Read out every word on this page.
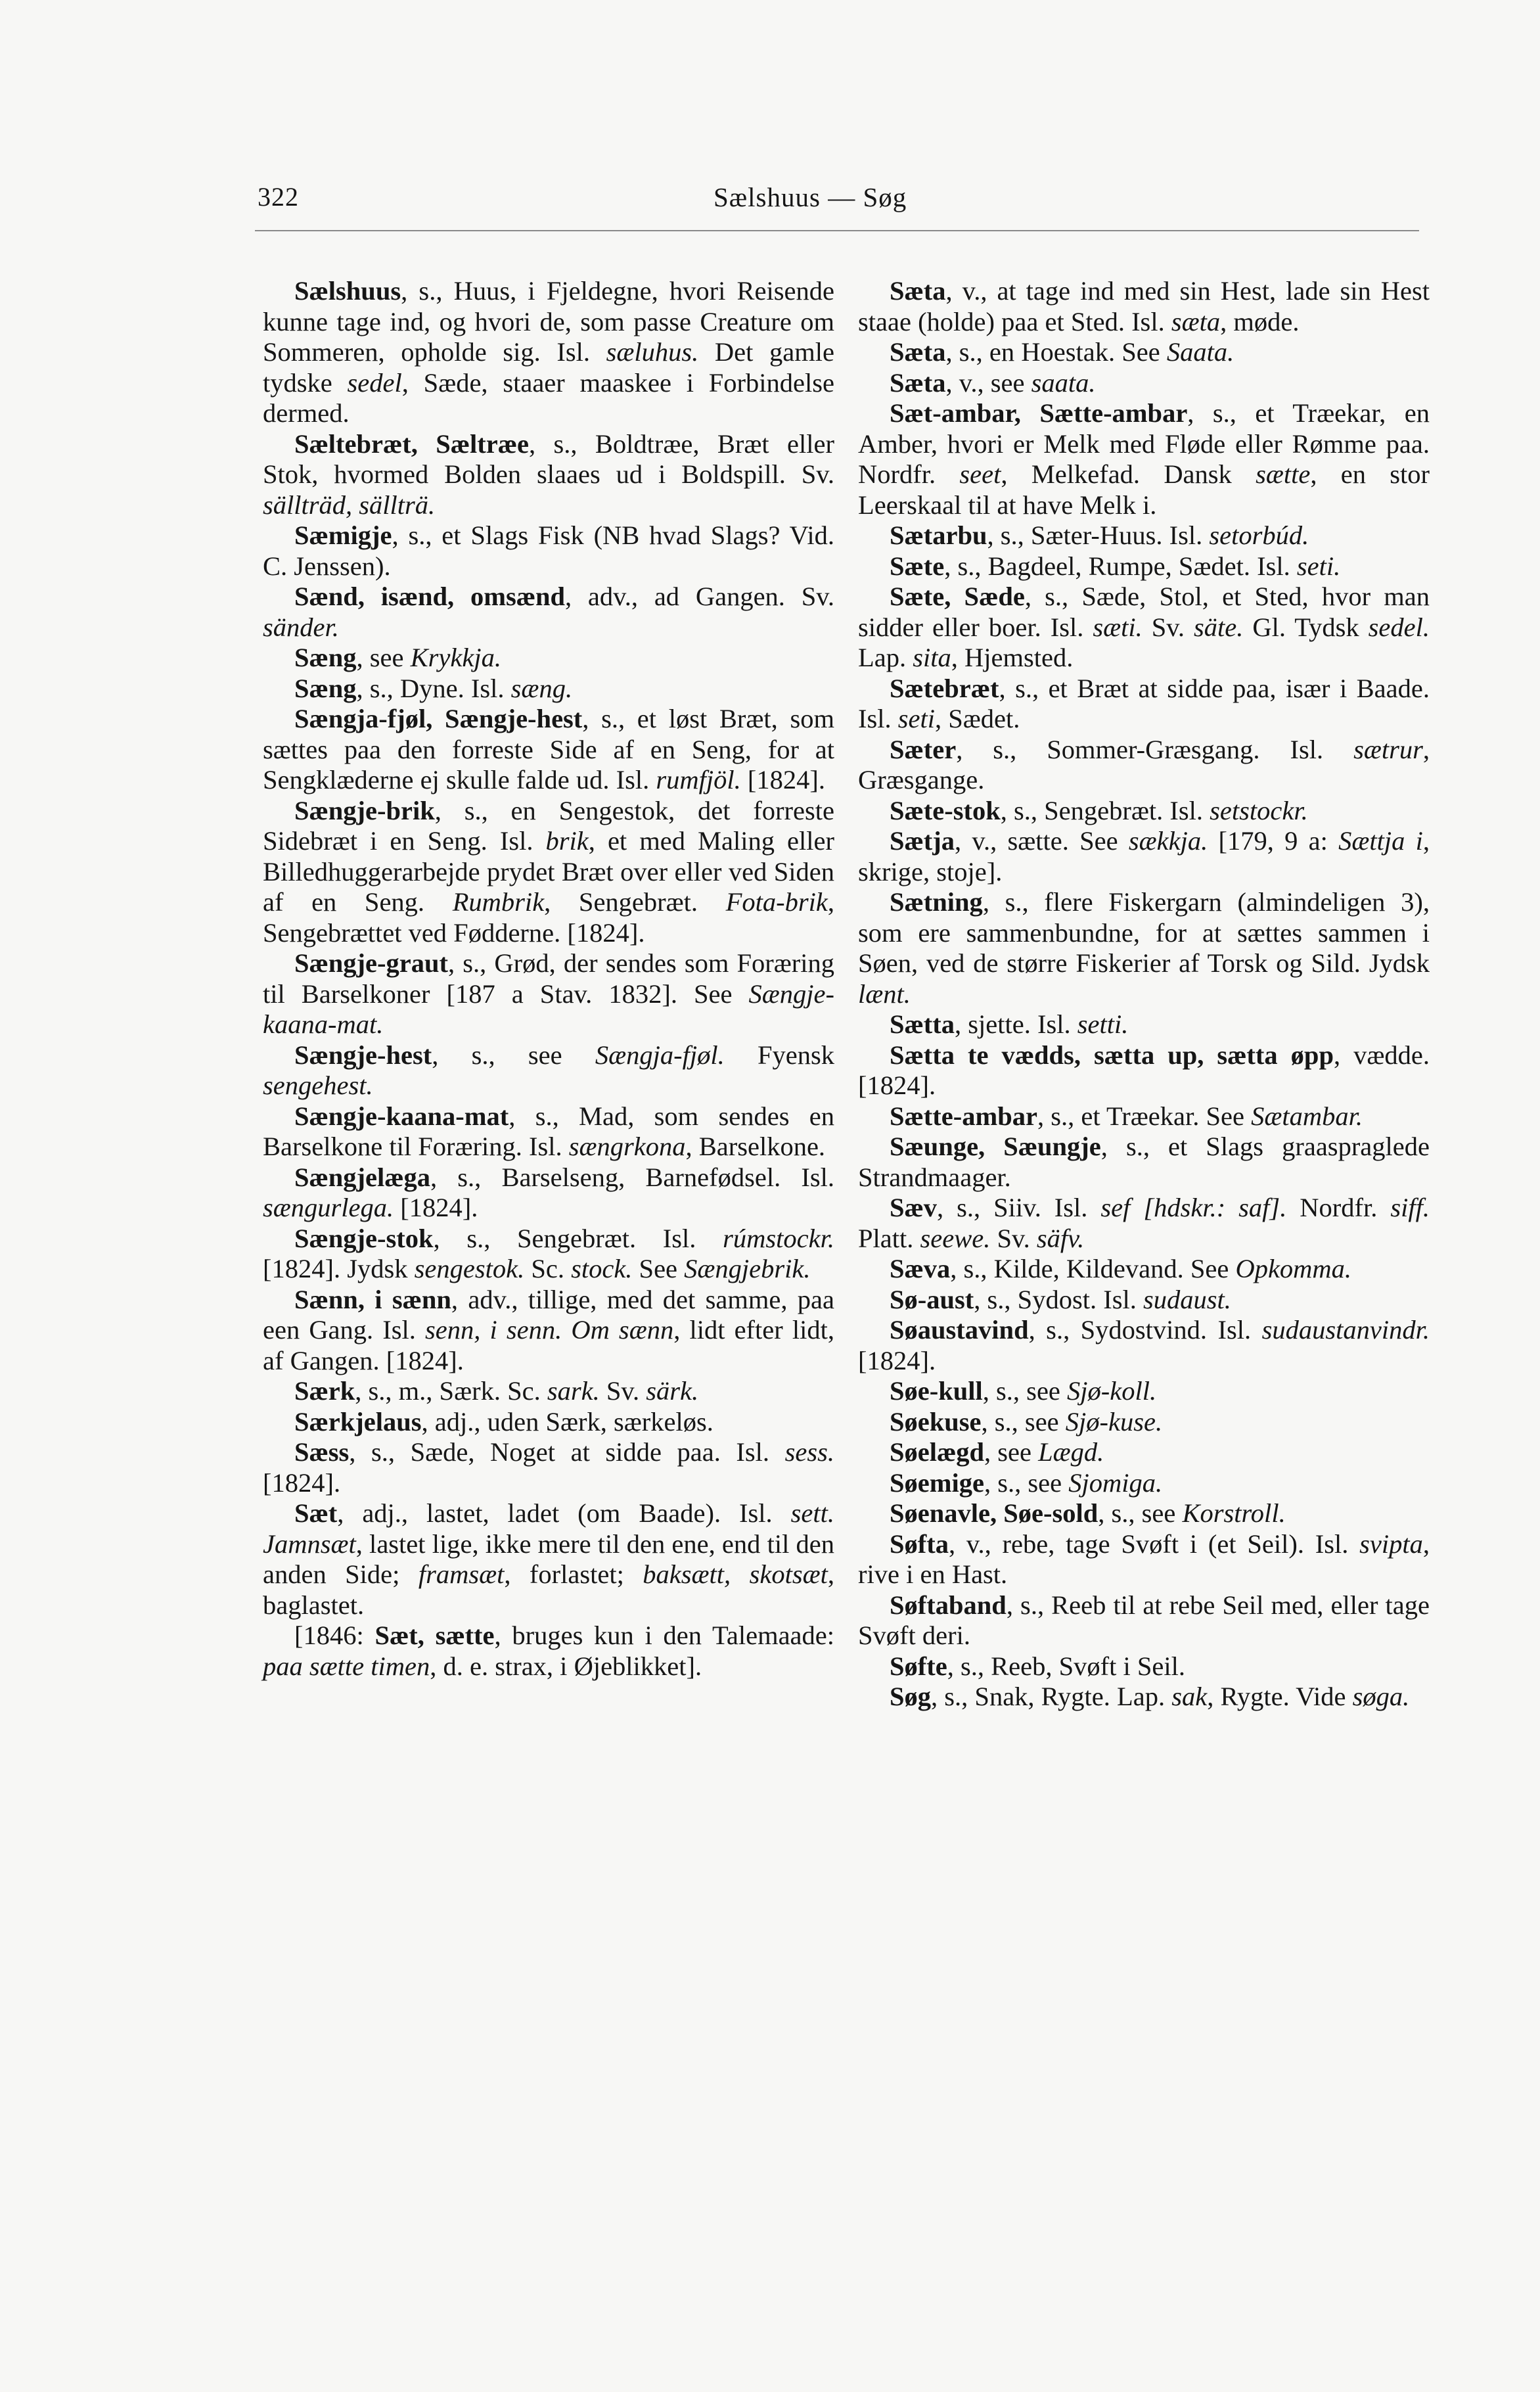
322	Sælshuus — Søg

Sælshuus, s., Huus, i Fjeldegne, hvori Reisende kunne tage ind, og hvori de, som passe Creature om Sommeren, opholde sig. Isl. sæluhus. Det gamle tydske sedel, Sæde, staaer maaskee i Forbindelse dermed.

Sæltebræt, Sæltræe, s., Boldtræe, Bræt eller Stok, hvormed Bolden slaaes ud i Boldspill. Sv. sällträd, sällträ.

Sæmigje, s., et Slags Fisk (NB hvad Slags? Vid. C. Jenssen).

Sænd, isænd, omsænd, adv., ad Gangen. Sv. sänder.

Sæng, see Krykkja.

Sæng, s., Dyne. Isl. sæng.

Sængja-fjøl, Sængje-hest, s., et løst Bræt, som sættes paa den forreste Side af en Seng, for at Sengklæderne ej skulle falde ud. Isl. rumfjöl. [1824].

Sængje-brik, s., en Sengestok, det forreste Sidebræt i en Seng. Isl. brik, et med Maling eller Billedhuggerarbejde prydet Bræt over eller ved Siden af en Seng. Rumbrik, Sengebræt. Fota-brik, Sengebrættet ved Fødderne. [1824].

Sængje-graut, s., Grød, der sendes som Foræring til Barselkoner [187 a Stav. 1832]. See Sængje-kaana-mat.

Sængje-hest, s., see Sængja-fjøl. Fyensk sengehest.

Sængje-kaana-mat, s., Mad, som sendes en Barselkone til Foræring. Isl. sængrkona, Barselkone.

Sængjelæga, s., Barselseng, Barnefødsel. Isl. sængurlega. [1824].

Sængje-stok, s., Sengebræt. Isl. rúmstockr. [1824]. Jydsk sengestok. Sc. stock. See Sængjebrik.

Sænn, i sænn, adv., tillige, med det samme, paa een Gang. Isl. senn, i senn. Om sænn, lidt efter lidt, af Gangen. [1824].

Særk, s., m., Særk. Sc. sark. Sv. särk.

Særkjelaus, adj., uden Særk, særkeløs.

Sæss, s., Sæde, Noget at sidde paa. Isl. sess. [1824].

Sæt, adj., lastet, ladet (om Baade). Isl. sett. Jamnsæt, lastet lige, ikke mere til den ene, end til den anden Side; framsæt, forlastet; baksætt, skotsæt, baglastet.

[1846: Sæt, sætte, bruges kun i den Talemaade: paa sætte timen, d. e. strax, i Øjeblikket].

Sæta, v., at tage ind med sin Hest, lade sin Hest staae (holde) paa et Sted. Isl. sæta, møde.

Sæta, s., en Hoestak. See Saata.

Sæta, v., see saata.

Sæt-ambar, Sætte-ambar, s., et Træekar, en Amber, hvori er Melk med Fløde eller Rømme paa. Nordfr. seet, Melkefad. Dansk sætte, en stor Leerskaal til at have Melk i.

Sætarbu, s., Sæter-Huus. Isl. setorbúd.

Sæte, s., Bagdeel, Rumpe, Sædet. Isl. seti.

Sæte, Sæde, s., Sæde, Stol, et Sted, hvor man sidder eller boer. Isl. sæti. Sv. säte. Gl. Tydsk sedel. Lap. sita, Hjemsted.

Sætebræt, s., et Bræt at sidde paa, især i Baade. Isl. seti, Sædet.

Sæter, s., Sommer-Græsgang. Isl. sætrur, Græsgange.

Sæte-stok, s., Sengebræt. Isl. setstockr.

Sætja, v., sætte. See sækkja. [179, 9 a: Sættja i, skrige, stoje].

Sætning, s., flere Fiskergarn (almindeligen 3), som ere sammenbundne, for at sættes sammen i Søen, ved de større Fiskerier af Torsk og Sild. Jydsk lænt.

Sætta, sjette. Isl. setti.

Sætta te vædds, sætta up, sætta øpp, vædde. [1824].

Sætte-ambar, s., et Træekar. See Sætambar.

Sæunge, Sæungje, s., et Slags graaspraglede Strandmaager.

Sæv, s., Siiv. Isl. sef [hdskr.: saf]. Nordfr. siff. Platt. seewe. Sv. säfv.

Sæva, s., Kilde, Kildevand. See Opkomma.

Sø-aust, s., Sydost. Isl. sudaust.

Søaustavind, s., Sydostvind. Isl. sudaustanvindr. [1824].

Søe-kull, s., see Sjø-koll.

Søekuse, s., see Sjø-kuse.

Søelægd, see Lægd.

Søemige, s., see Sjomiga.

Søenavle, Søe-sold, s., see Korstroll.

Søfta, v., rebe, tage Svøft i (et Seil). Isl. svipta, rive i en Hast.

Søftaband, s., Reeb til at rebe Seil med, eller tage Svøft deri.

Søfte, s., Reeb, Svøft i Seil.

Søg, s., Snak, Rygte. Lap. sak, Rygte. Vide søga.
